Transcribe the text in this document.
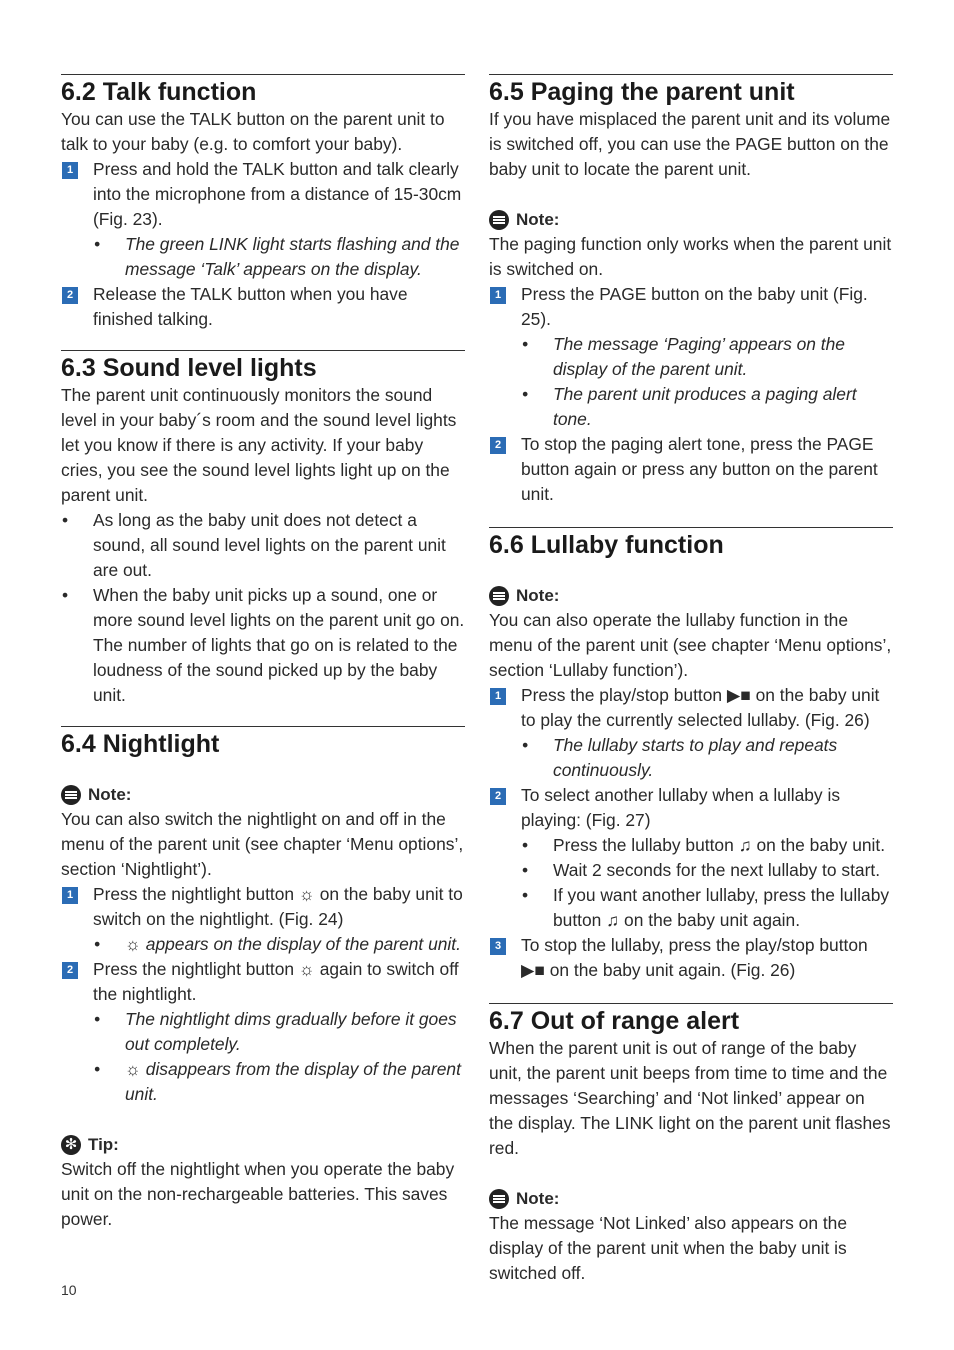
6.2 Talk function

You can use the TALK button on the parent unit to talk to your baby (e.g. to comfort your baby).

1 Press and hold the TALK button and talk clearly into the microphone from a distance of 15-30cm (Fig. 23).
• The green LINK light starts flashing and the message ‘Talk’ appears on the display.
2 Release the TALK button when you have finished talking.
6.3 Sound level lights

The parent unit continuously monitors the sound level in your baby´s room and the sound level lights let you know if there is any activity. If your baby cries, you see the sound level lights light up on the parent unit.

• As long as the baby unit does not detect a sound, all sound level lights on the parent unit are out.
• When the baby unit picks up a sound, one or more sound level lights on the parent unit go on. The number of lights that go on is related to the loudness of the sound picked up by the baby unit.
6.4 Nightlight
Note:

You can also switch the nightlight on and off in the menu of the parent unit (see chapter ‘Menu options’, section ‘Nightlight’).

1 Press the nightlight button ☼ on the baby unit to switch on the nightlight. (Fig. 24)
• ☼ appears on the display of the parent unit.
2 Press the nightlight button ☼ again to switch off the nightlight.
• The nightlight dims gradually before it goes out completely.
• ☼ disappears from the display of the parent unit.
✻ Tip:

Switch off the nightlight when you operate the baby unit on the non-rechargeable batteries. This saves power.

6.5 Paging the parent unit

If you have misplaced the parent unit and its volume is switched off, you can use the PAGE button on the baby unit to locate the parent unit.

Note:

The paging function only works when the parent unit is switched on.

1 Press the PAGE button on the baby unit (Fig. 25).
• The message ‘Paging’ appears on the display of the parent unit.
• The parent unit produces a paging alert tone.
2 To stop the paging alert tone, press the PAGE button again or press any button on the parent unit.
6.6 Lullaby function
Note:

You can also operate the lullaby function in the menu of the parent unit (see chapter ‘Menu options’, section ‘Lullaby function’).

1 Press the play/stop button ▶■ on the baby unit to play the currently selected lullaby. (Fig. 26)
• The lullaby starts to play and repeats continuously.
2 To select another lullaby when a lullaby is playing: (Fig. 27)
• Press the lullaby button ♫ on the baby unit.
• Wait 2 seconds for the next lullaby to start.
• If you want another lullaby, press the lullaby button ♫ on the baby unit again.
3 To stop the lullaby, press the play/stop button ▶■ on the baby unit again. (Fig. 26)
6.7 Out of range alert

When the parent unit is out of range of the baby unit, the parent unit beeps from time to time and the messages ‘Searching’ and ‘Not linked’ appear on the display. The LINK light on the parent unit flashes red.

Note:

The message ‘Not Linked’ also appears on the display of the parent unit when the baby unit is switched off.

10
